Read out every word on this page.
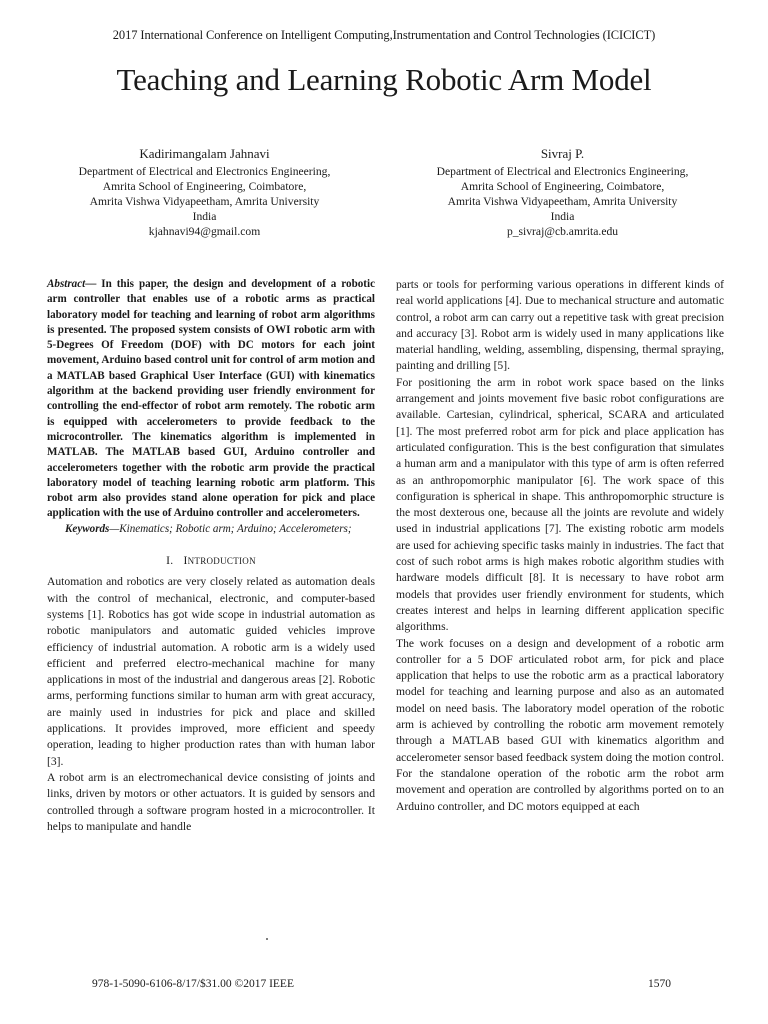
2017 International Conference on Intelligent Computing,Instrumentation and Control Technologies (ICICICT)
Teaching and Learning Robotic Arm Model
Kadirimangalam Jahnavi
Department of Electrical and Electronics Engineering,
Amrita School of Engineering, Coimbatore,
Amrita Vishwa Vidyapeetham, Amrita University
India
kjahnavi94@gmail.com
Sivraj P.
Department of Electrical and Electronics Engineering,
Amrita School of Engineering, Coimbatore,
Amrita Vishwa Vidyapeetham, Amrita University
India
p_sivraj@cb.amrita.edu

Abstract— In this paper, the design and development of a robotic arm controller that enables use of a robotic arms as practical laboratory model for teaching and learning of robot arm algorithms is presented. The proposed system consists of OWI robotic arm with 5-Degrees Of Freedom (DOF) with DC motors for each joint movement, Arduino based control unit for control of arm motion and a MATLAB based Graphical User Interface (GUI) with kinematics algorithm at the backend providing user friendly environment for controlling the end-effector of robot arm remotely. The robotic arm is equipped with accelerometers to provide feedback to the microcontroller. The kinematics algorithm is implemented in MATLAB. The MATLAB based GUI, Arduino controller and accelerometers together with the robotic arm provide the practical laboratory model of teaching learning robotic arm platform. This robot arm also provides stand alone operation for pick and place application with the use of Arduino controller and accelerometers.

Keywords—Kinematics; Robotic arm; Arduino; Accelerometers;

I. INTRODUCTION

Automation and robotics are very closely related as automation deals with the control of mechanical, electronic, and computer-based systems [1]. Robotics has got wide scope in industrial automation as robotic manipulators and automatic guided vehicles improve efficiency of industrial automation. A robotic arm is a widely used efficient and preferred electro-mechanical machine for many applications in most of the industrial and dangerous areas [2]. Robotic arms, performing functions similar to human arm with great accuracy, are mainly used in industries for pick and place and skilled applications. It provides improved, more efficient and speedy operation, leading to higher production rates than with human labor [3].

A robot arm is an electromechanical device consisting of joints and links, driven by motors or other actuators. It is guided by sensors and controlled through a software program hosted in a microcontroller. It helps to manipulate and handle

parts or tools for performing various operations in different kinds of real world applications [4]. Due to mechanical structure and automatic control, a robot arm can carry out a repetitive task with great precision and accuracy [3]. Robot arm is widely used in many applications like material handling, welding, assembling, dispensing, thermal spraying, painting and drilling [5].

For positioning the arm in robot work space based on the links arrangement and joints movement five basic robot configurations are available. Cartesian, cylindrical, spherical, SCARA and articulated [1]. The most preferred robot arm for pick and place application has articulated configuration. This is the best configuration that simulates a human arm and a manipulator with this type of arm is often referred as an anthropomorphic manipulator [6]. The work space of this configuration is spherical in shape. This anthropomorphic structure is the most dexterous one, because all the joints are revolute and widely used in industrial applications [7]. The existing robotic arm models are used for achieving specific tasks mainly in industries. The fact that cost of such robot arms is high makes robotic algorithm studies with hardware models difficult [8]. It is necessary to have robot arm models that provides user friendly environment for students, which creates interest and helps in learning different application specific algorithms.

The work focuses on a design and development of a robotic arm controller for a 5 DOF articulated robot arm, for pick and place application that helps to use the robotic arm as a practical laboratory model for teaching and learning purpose and also as an automated model on need basis. The laboratory model operation of the robotic arm is achieved by controlling the robotic arm movement remotely through a MATLAB based GUI with kinematics algorithm and accelerometer sensor based feedback system doing the motion control. For the standalone operation of the robotic arm the robot arm movement and operation are controlled by algorithms ported on to an Arduino controller, and DC motors equipped at each

978-1-5090-6106-8/17/$31.00 ©2017 IEEE	1570
